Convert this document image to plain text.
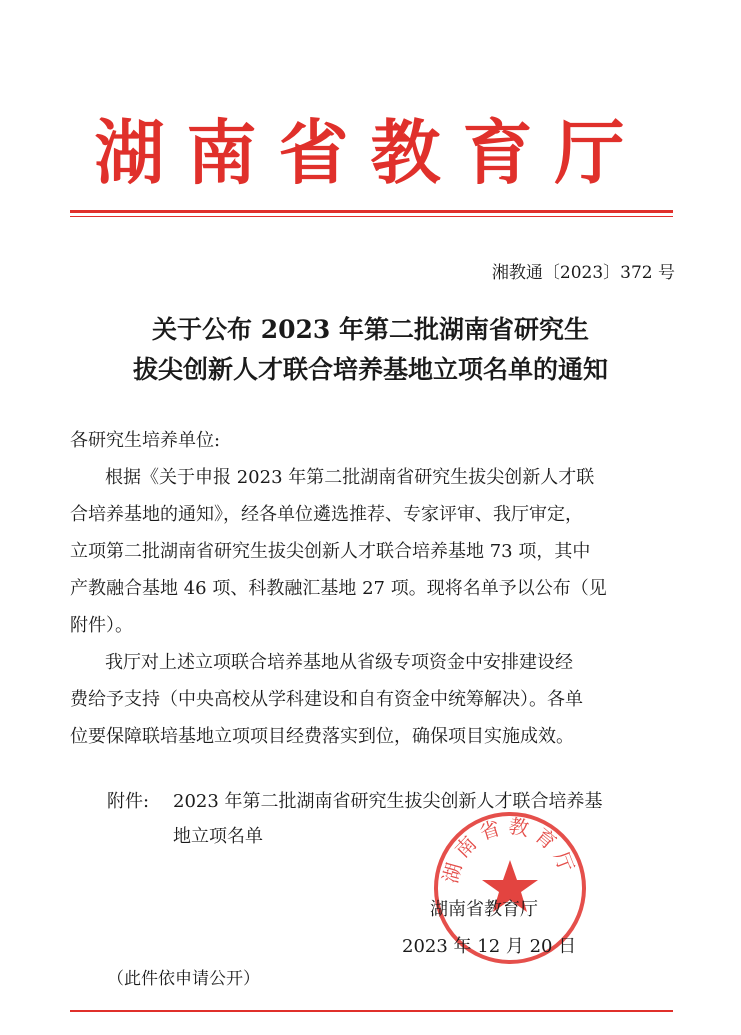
湖南省教育厅
湘教通〔2023〕372 号
关于公布 2023 年第二批湖南省研究生
拔尖创新人才联合培养基地立项名单的通知
各研究生培养单位:
根据《关于申报 2023 年第二批湖南省研究生拔尖创新人才联
合培养基地的通知》，经各单位遴选推荐、专家评审、我厅审定，
立项第二批湖南省研究生拔尖创新人才联合培养基地 73 项，其中
产教融合基地 46 项、科教融汇基地 27 项。现将名单予以公布（见
附件）。
我厅对上述立项联合培养基地从省级专项资金中安排建设经
费给予支持（中央高校从学科建设和自有资金中统筹解决）。各单
位要保障联培基地立项项目经费落实到位，确保项目实施成效。
附件: 2023 年第二批湖南省研究生拔尖创新人才联合培养基
地立项名单
湖南省教育厅
湖南省教育厅
2023 年 12 月 20 日
（此件依申请公开）
